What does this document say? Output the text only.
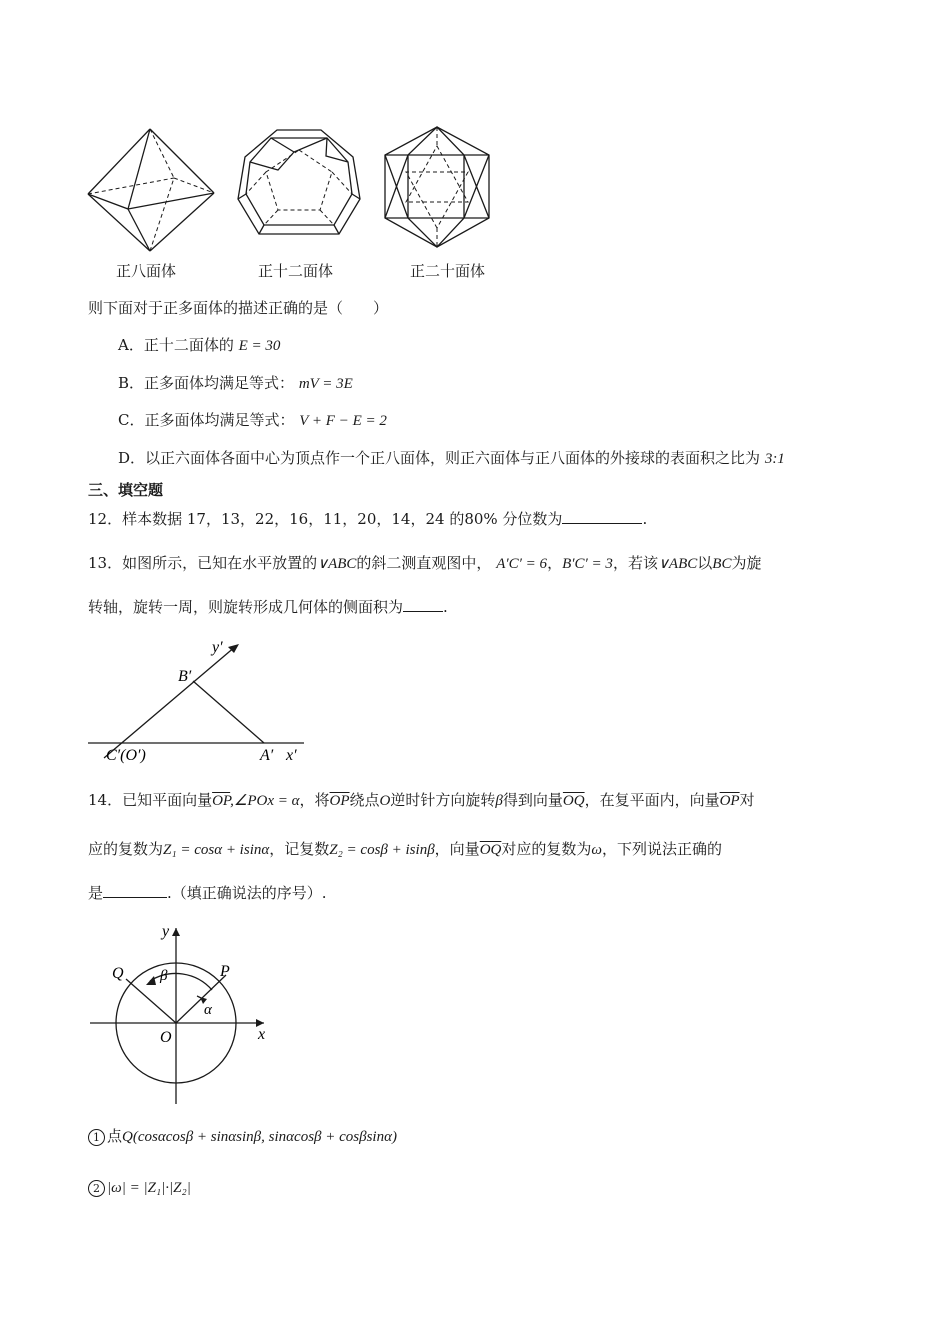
正八面体	正十二面体	正二十面体
则下面对于正多面体的描述正确的是（　　）
A．正十二面体的 E = 30
B．正多面体均满足等式： mV = 3E
C．正多面体均满足等式： V + F − E = 2
D．以正六面体各面中心为顶点作一个正八面体，则正六面体与正八面体的外接球的表面积之比为 3:1
三、填空题
12．样本数据 17，13，22，16，11，20，14，24 的80% 分位数为	.
13．如图所示，已知在水平放置的∨ABC的斜二测直观图中， A′C′ = 6，B′C′ = 3，若该∨ABC以BC为旋
转轴，旋转一周，则旋转形成几何体的侧面积为	.
y′
B′
C′(O′)	A′ x′
14．已知平面向量$\overline{OP},\angle POx = \alpha$，将$\overline{OP}$绕点O逆时针方向旋转β得到向量$\overline{OQ}$，在复平面内，向量$\overline{OP}$对
应的复数为Z₁ = cosα + isinα，记复数Z₂ = cosβ + isinβ，向量$\overline{OQ}$对应的复数为ω，下列说法正确的
是	.（填正确说法的序号）.
y
x
O
P
Q
α
β
1 点Q(cosαcosβ + sinαsinβ, sinαcosβ + cosβsinα)
2 |ω| = |Z₁|·|Z₂|
